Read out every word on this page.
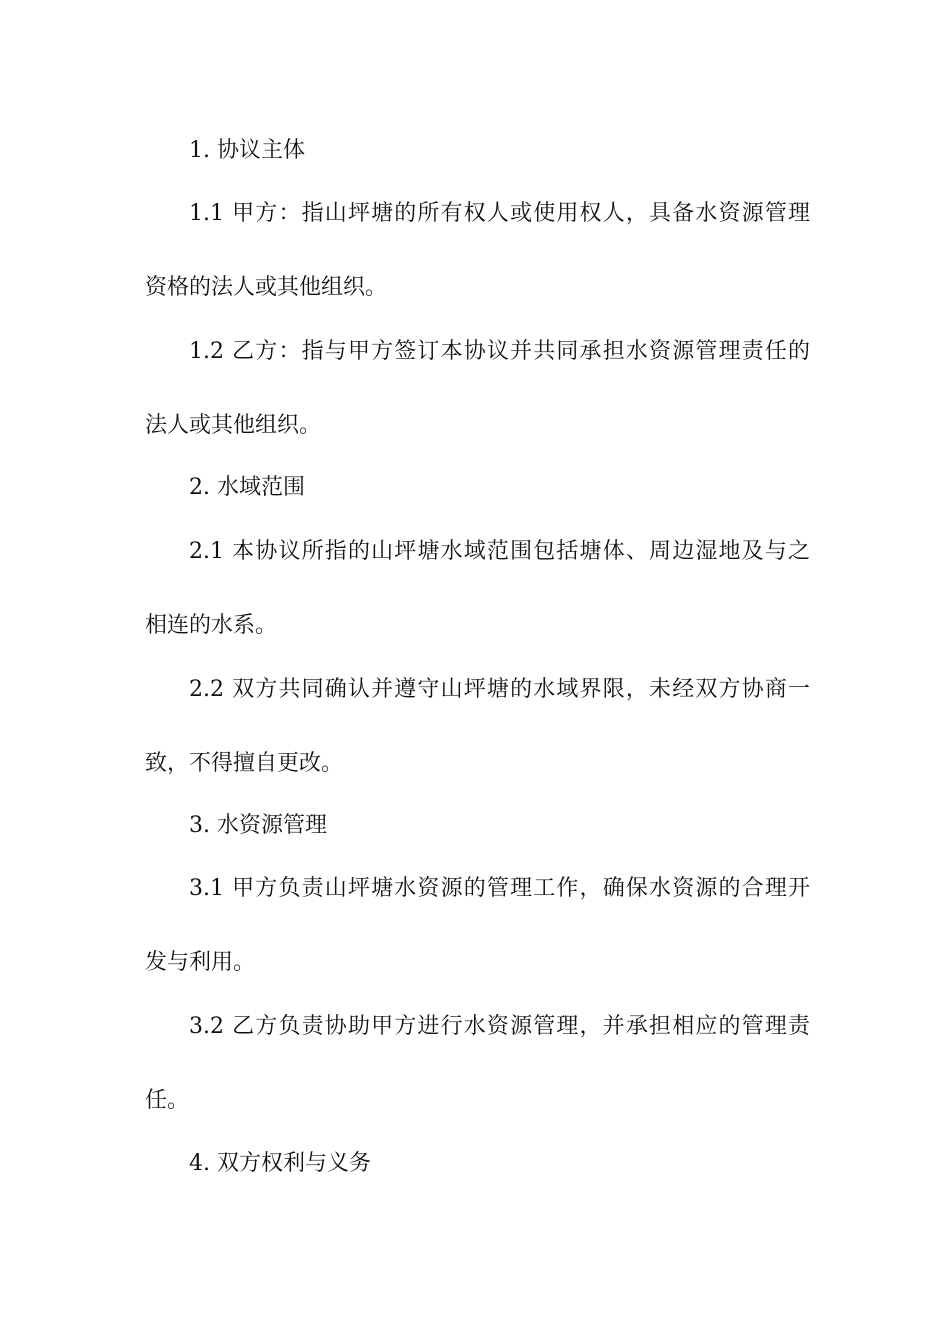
1. 协议主体
1.1 甲方：指山坪塘的所有权人或使用权人，具备水资源管理
资格的法人或其他组织。
1.2 乙方：指与甲方签订本协议并共同承担水资源管理责任的
法人或其他组织。
2. 水域范围
2.1 本协议所指的山坪塘水域范围包括塘体、周边湿地及与之
相连的水系。
2.2 双方共同确认并遵守山坪塘的水域界限，未经双方协商一
致，不得擅自更改。
3. 水资源管理
3.1 甲方负责山坪塘水资源的管理工作，确保水资源的合理开
发与利用。
3.2 乙方负责协助甲方进行水资源管理，并承担相应的管理责
任。
4. 双方权利与义务
